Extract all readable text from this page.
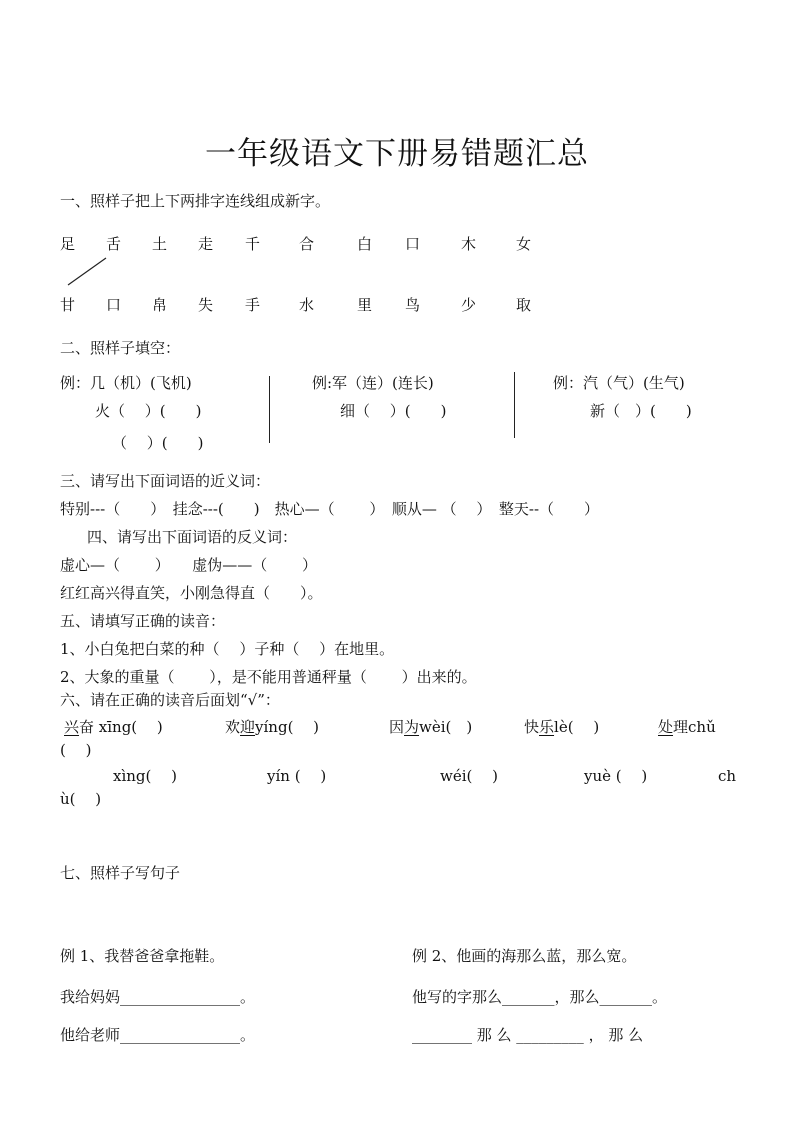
一年级语文下册易错题汇总
一、照样子把上下两排字连线组成新字。
足 舌 土 走 千	合	白 口	木	女
甘 口 帛 失 手	水	里 鸟	少	取
二、照样子填空：
例：几（机）(飞机)
火（　 ）(　　)
（　 ）(　　)
例:军（连）(连长)
细（　 ）(　　)
例：汽（气）(生气)
新（　）(　　)
三、请写出下面词语的近义词：
特别---（　　）　挂念---(　　)　热心—（　　 ）　顺从— （　 ）　整天--（　　）
四、请写出下面词语的反义词：
虚心—（　　 ）　　虚伪——（　　 ）
红红高兴得直笑，小刚急得直（　　）。
五、请填写正确的读音：
1、小白兔把白菜的种（　 ）子种（　 ）在地里。
2、大象的重量（　　 ），是不能用普通秤量（　　 ）出来的。
六、请在正确的读音后面划“√”：
兴奋 xīng(　 )	欢迎yíng(　 )	因为wèi(　)	快乐lè(　 )	处理chǔ
(　 )
xìng(　 )	yín (　 )	wéi(　 )	yuè (　 )	ch
ù(　 )
七、照样子写句子
例 1、我替爸爸拿拖鞋。
我给妈妈________________。
他给老师________________。
例 2、他画的海那么蓝，那么宽。
他写的字那么_______，那么_______。
________ 那 么 _________ ， 那 么
